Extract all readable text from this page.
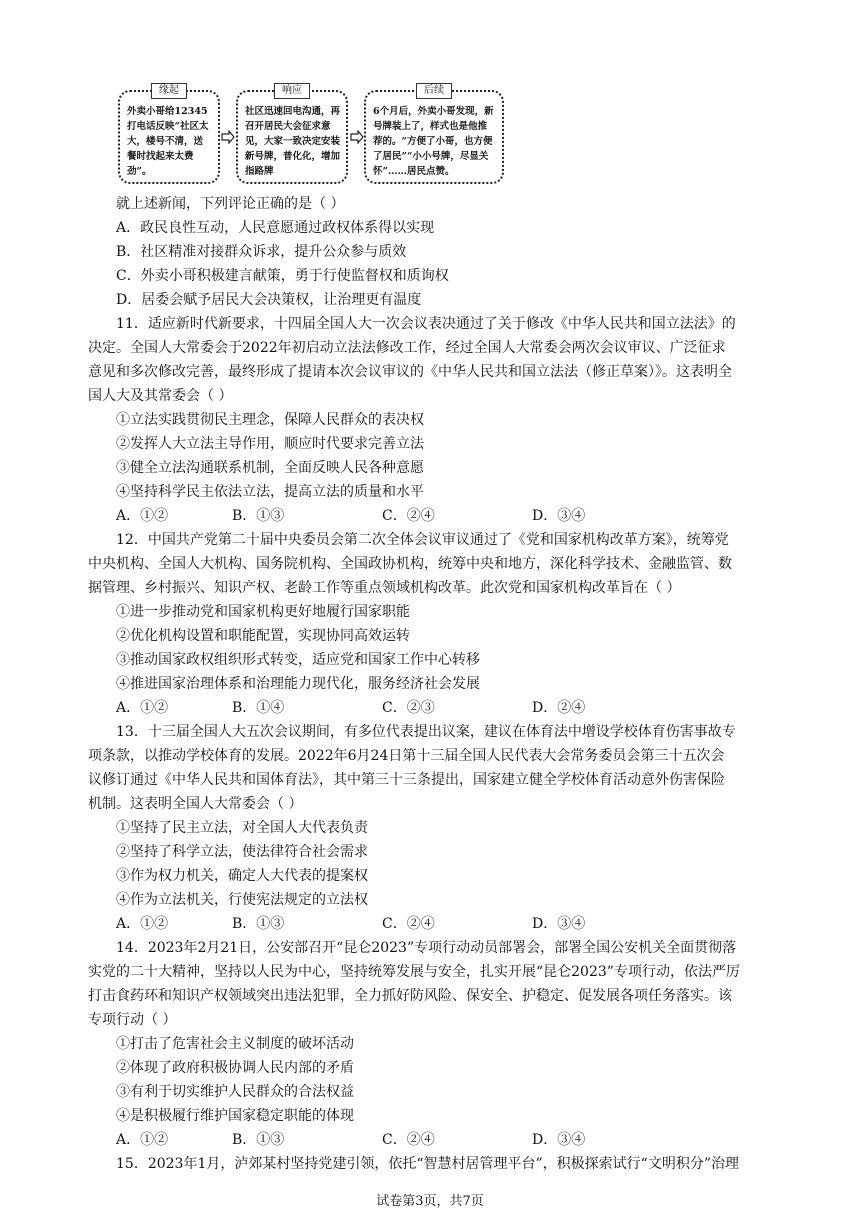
缘起
外卖小哥给12345打电话反映“社区太大，楼号不清，送餐时找起来太费劲”。
响应
社区迅速回电沟通，再召开居民大会征求意见，大家一致决定安装新号牌，普化化，增加指路牌
后续
6个月后，外卖小哥发现，新号牌装上了，样式也是他推荐的。“方便了小哥，也方便了居民”“小小号牌，尽显关怀”……居民点赞。
就上述新闻，下列评论正确的是（ ）
A．政民良性互动，人民意愿通过政权体系得以实现
B．社区精准对接群众诉求，提升公众参与质效
C．外卖小哥积极建言献策，勇于行使监督权和质询权
D．居委会赋予居民大会决策权，让治理更有温度
11．适应新时代新要求，十四届全国人大一次会议表决通过了关于修改《中华人民共和国立法法》的
决定。全国人大常委会于2022年初启动立法法修改工作，经过全国人大常委会两次会议审议、广泛征求
意见和多次修改完善，最终形成了提请本次会议审议的《中华人民共和国立法法（修正草案）》。这表明全
国人大及其常委会（ ）
①立法实践贯彻民主理念，保障人民群众的表决权
②发挥人大立法主导作用，顺应时代要求完善立法
③健全立法沟通联系机制，全面反映人民各种意愿
④坚持科学民主依法立法，提高立法的质量和水平
A．①②	B．①③	C．②④	D．③④
12．中国共产党第二十届中央委员会第二次全体会议审议通过了《党和国家机构改革方案》，统筹党
中央机构、全国人大机构、国务院机构、全国政协机构，统筹中央和地方，深化科学技术、金融监管、数
据管理、乡村振兴、知识产权、老龄工作等重点领域机构改革。此次党和国家机构改革旨在（ ）
①进一步推动党和国家机构更好地履行国家职能
②优化机构设置和职能配置，实现协同高效运转
③推动国家政权组织形式转变，适应党和国家工作中心转移
④推进国家治理体系和治理能力现代化，服务经济社会发展
A．①②	B．①④	C．②③	D．②④
13．十三届全国人大五次会议期间，有多位代表提出议案，建议在体育法中增设学校体育伤害事故专
项条款，以推动学校体育的发展。2022年6月24日第十三届全国人民代表大会常务委员会第三十五次会
议修订通过《中华人民共和国体育法》，其中第三十三条提出，国家建立健全学校体育活动意外伤害保险
机制。这表明全国人大常委会（ ）
①坚持了民主立法，对全国人大代表负责
②坚持了科学立法，使法律符合社会需求
③作为权力机关，确定人大代表的提案权
④作为立法机关，行使宪法规定的立法权
A．①②	B．①③	C．②④	D．③④
14．2023年2月21日，公安部召开“昆仑2023”专项行动动员部署会，部署全国公安机关全面贯彻落
实党的二十大精神，坚持以人民为中心，坚持统筹发展与安全，扎实开展“昆仑2023”专项行动，依法严厉
打击食药环和知识产权领域突出违法犯罪，全力抓好防风险、保安全、护稳定、促发展各项任务落实。该
专项行动（ ）
①打击了危害社会主义制度的破坏活动
②体现了政府积极协调人民内部的矛盾
③有利于切实维护人民群众的合法权益
④是积极履行维护国家稳定职能的体现
A．①②	B．①③	C．②④	D．③④
15．2023年1月，泸郊某村坚持党建引领，依托“智慧村居管理平台”，积极探索试行“文明积分”治理
试卷第3页，共7页
